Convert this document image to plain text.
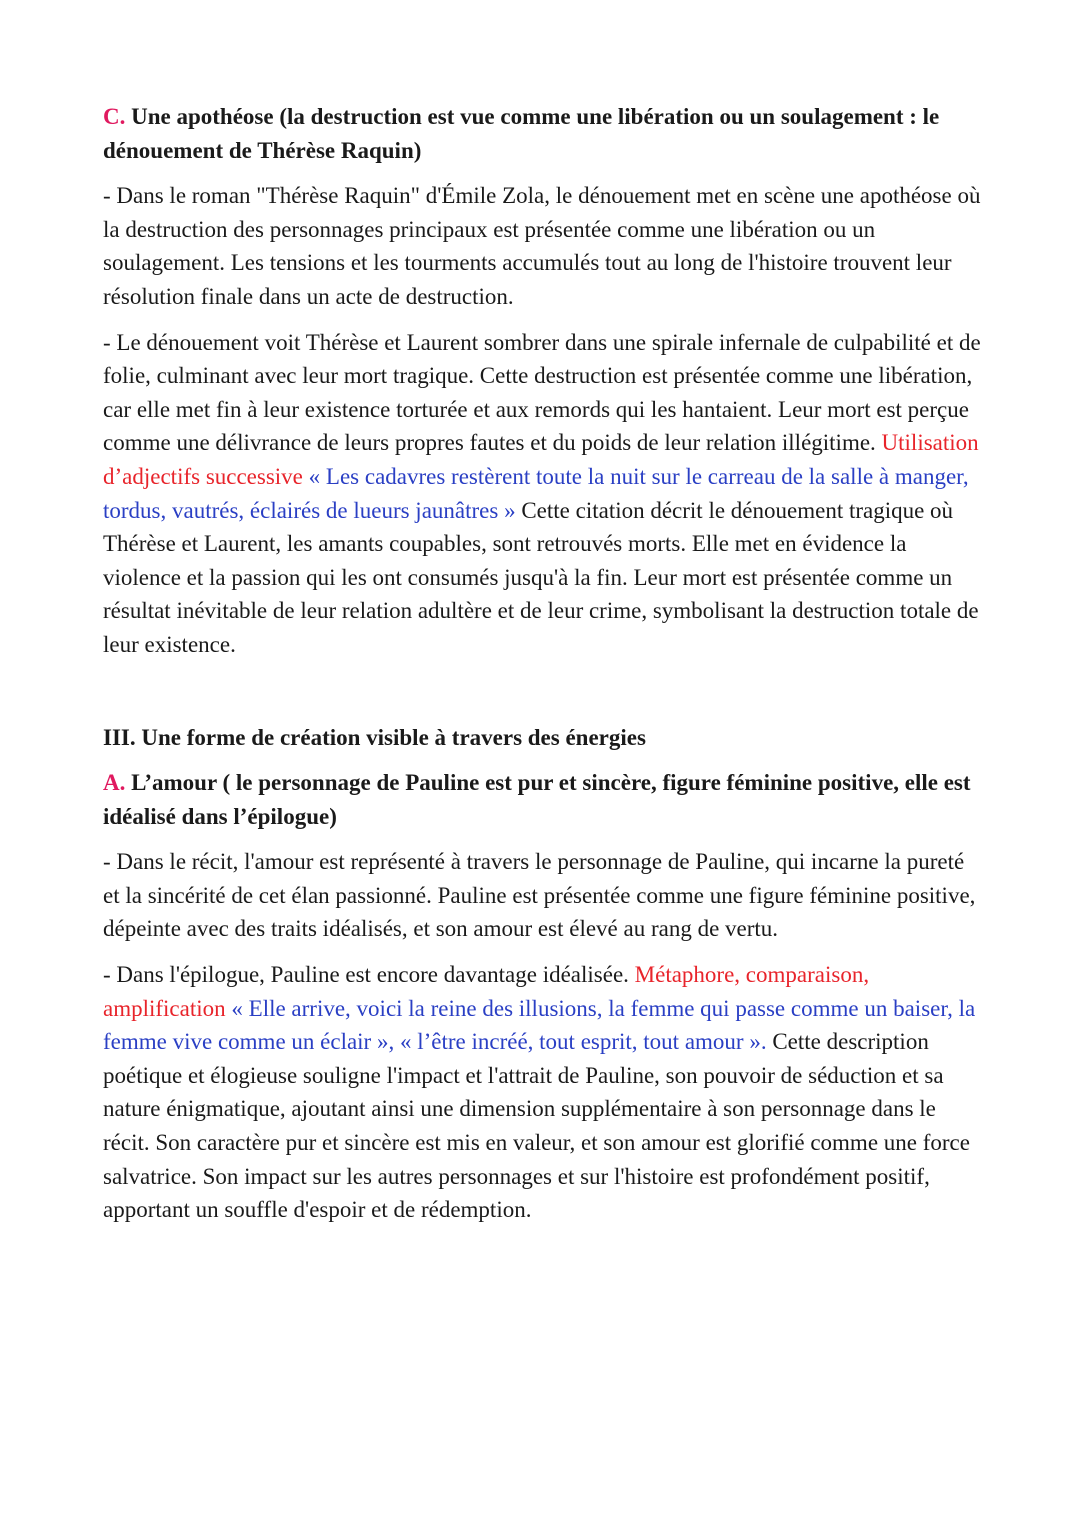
C. Une apothéose (la destruction est vue comme une libération ou un soulagement : le dénouement de Thérèse Raquin)

- Dans le roman "Thérèse Raquin" d'Émile Zola, le dénouement met en scène une apothéose où la destruction des personnages principaux est présentée comme une libération ou un soulagement. Les tensions et les tourments accumulés tout au long de l'histoire trouvent leur résolution finale dans un acte de destruction.

- Le dénouement voit Thérèse et Laurent sombrer dans une spirale infernale de culpabilité et de folie, culminant avec leur mort tragique. Cette destruction est présentée comme une libération, car elle met fin à leur existence torturée et aux remords qui les hantaient. Leur mort est perçue comme une délivrance de leurs propres fautes et du poids de leur relation illégitime. Utilisation d’adjectifs successive « Les cadavres restèrent toute la nuit sur le carreau de la salle à manger, tordus, vautrés, éclairés de lueurs jaunâtres » Cette citation décrit le dénouement tragique où Thérèse et Laurent, les amants coupables, sont retrouvés morts. Elle met en évidence la violence et la passion qui les ont consumés jusqu'à la fin. Leur mort est présentée comme un résultat inévitable de leur relation adultère et de leur crime, symbolisant la destruction totale de leur existence.

III. Une forme de création visible à travers des énergies

A. L’amour ( le personnage de Pauline est pur et sincère, figure féminine positive, elle est idéalisé dans l’épilogue)

- Dans le récit, l'amour est représenté à travers le personnage de Pauline, qui incarne la pureté et la sincérité de cet élan passionné. Pauline est présentée comme une figure féminine positive, dépeinte avec des traits idéalisés, et son amour est élevé au rang de vertu.

- Dans l'épilogue, Pauline est encore davantage idéalisée. Métaphore, comparaison, amplification « Elle arrive, voici la reine des illusions, la femme qui passe comme un baiser, la femme vive comme un éclair », « l’être incréé, tout esprit, tout amour ». Cette description poétique et élogieuse souligne l'impact et l'attrait de Pauline, son pouvoir de séduction et sa nature énigmatique, ajoutant ainsi une dimension supplémentaire à son personnage dans le récit. Son caractère pur et sincère est mis en valeur, et son amour est glorifié comme une force salvatrice. Son impact sur les autres personnages et sur l'histoire est profondément positif, apportant un souffle d'espoir et de rédemption.
